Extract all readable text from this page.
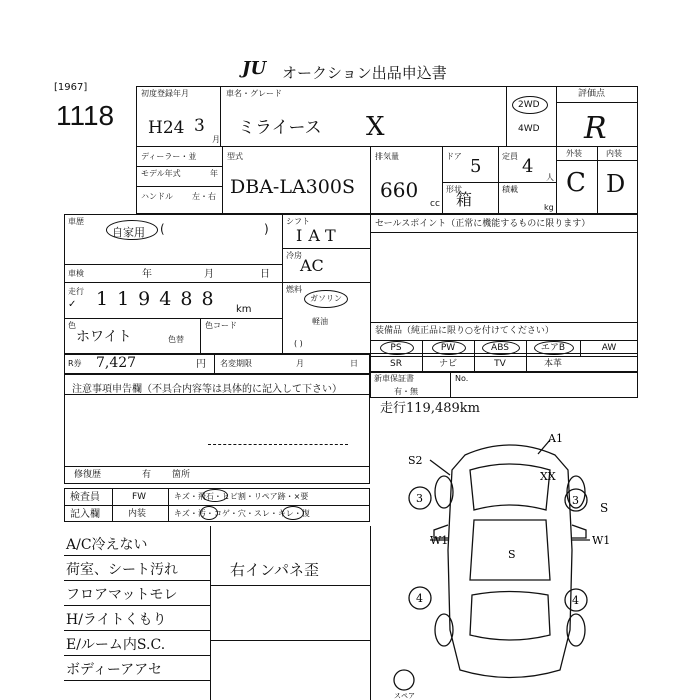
JU オークション出品申込書
[1967]
1118
初度登録年月
H24 3
月
車名・グレード
ミライース X
2WD
4WD
評価点
R
ディーラー・並
モデル年式	年
ハンドル 左・右
型式
DBA-LA300S
排気量
660
cc
ドア 5	定員 4
人
形状
箱
積載
kg
外装	内装
C D
車歴
自家用 (	)
車検	年	月	日
走行
✓ 119488 km
色
ホワイト
色コード
色替
シフト
IAT
冷房
AC
燃料
ガソリン
軽油
( )
セールスポイント（正常に機能するものに限ります）
装備品（純正品に限り○を付けてください）
PS	PW	ABS	エアB	AW
SR	ナビ	TV	本革
R券 7,427	円 名変期限	月	日
新車保証書
有・無
No.
注意事項申告欄（不具合内容等は具体的に記入して下さい）
修復歴	有 箇所
走行119,489km
検査員	FW	キズ・飛石・ヒビ割・リペア跡・×要
記入欄	内装	キズ・汚・コゲ・穴・スレ・キレ・復
A/C冷えない
荷室、シート汚れ
フロアマットモレ
H/ライトくもり
E/ルーム内S.C.
ボディーアアセ
右インパネ歪
A1
S2
XX
S
W1	W1
S
3	3
4	4
スペア
